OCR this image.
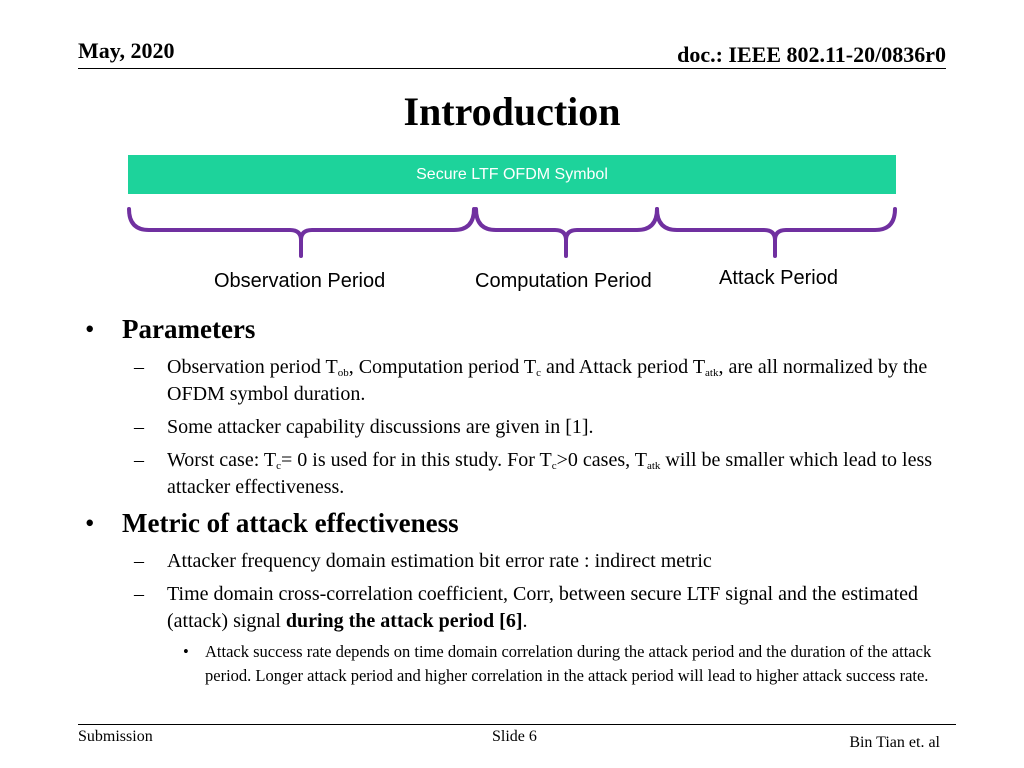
May, 2020	doc.: IEEE 802.11-20/0836r0
Introduction
Secure LTF OFDM Symbol
Observation Period	Computation Period	Attack Period
• Parameters
– Observation period $T_{ob}$, Computation period $T_c$ and Attack period $T_{atk}$, are all normalized by the OFDM symbol duration.
– Some attacker capability discussions are given in [1].
– Worst case: $T_c= 0$ is used for in this study. For $T_c>0$ cases, $T_{atk}$ will be smaller which lead to less attacker effectiveness.
• Metric of attack effectiveness
– Attacker frequency domain estimation bit error rate : indirect metric
– Time domain cross-correlation coefficient, Corr, between secure LTF signal and the estimated (attack) signal during the attack period [6].
• Attack success rate depends on time domain correlation during the attack period and the duration of the attack period. Longer attack period and higher correlation in the attack period will lead to higher attack success rate.
Submission	Slide 6	Bin Tian et. al
